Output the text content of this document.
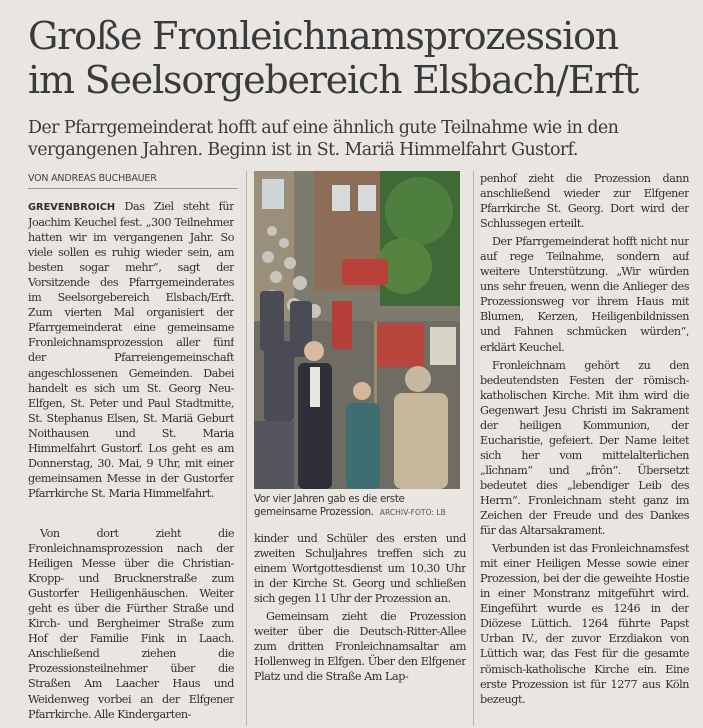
Große Fronleichnamsprozession
im Seelsorgebereich Elsbach/Erft

Der Pfarrgemeinderat hofft auf eine ähnlich gute Teilnahme wie in den vergangenen Jahren. Beginn ist in St. Mariä Himmelfahrt Gustorf.

VON ANDREAS BUCHBAUER

GREVENBROICH Das Ziel steht für Joachim Keuchel fest. „300 Teilnehmer hatten wir im vergangenen Jahr. So viele sollen es ruhig wieder sein, am besten sogar mehr“, sagt der Vorsitzende des Pfarrgemeinderates im Seelsorgebereich Elsbach/Erft. Zum vierten Mal organisiert der Pfarrgemeinderat eine gemeinsame Fronleichnamsprozession aller fünf der Pfarreiengemeinschaft angeschlossenen Gemeinden. Dabei handelt es sich um St. Georg Neu-Elfgen, St. Peter und Paul Stadtmitte, St. Stephanus Elsen, St. Mariä Geburt Noithausen und St. Maria Himmelfahrt Gustorf. Los geht es am Donnerstag, 30. Mai, 9 Uhr, mit einer gemeinsamen Messe in der Gustorfer Pfarrkirche St. Maria Himmelfahrt.

Von dort zieht die Fronleichnamsprozession nach der Heiligen Messe über die Christian-Kropp- und Brucknerstraße zum Gustorfer Heiligenhäuschen. Weiter geht es über die Fürther Straße und Kirch- und Bergheimer Straße zum Hof der Familie Fink in Laach. Anschließend ziehen die Prozessionsteilnehmer über die Straßen Am Laacher Haus und Weidenweg vorbei an der Elfgener Pfarrkirche. Alle Kindergarten-

Vor vier Jahren gab es die erste gemeinsame Prozession. ARCHIV-FOTO: LB

kinder und Schüler des ersten und zweiten Schuljahres treffen sich zu einem Wortgottesdienst um 10.30 Uhr in der Kirche St. Georg und schließen sich gegen 11 Uhr der Prozession an.

Gemeinsam zieht die Prozession weiter über die Deutsch-Ritter-Allee zum dritten Fronleichnamsaltar am Hollenweg in Elfgen. Über den Elfgener Platz und die Straße Am Lap-

penhof zieht die Prozession dann anschließend wieder zur Elfgener Pfarrkirche St. Georg. Dort wird der Schlussegen erteilt.

Der Pfarrgemeinderat hofft nicht nur auf rege Teilnahme, sondern auf weitere Unterstützung. „Wir würden uns sehr freuen, wenn die Anlieger des Prozessionsweg vor ihrem Haus mit Blumen, Kerzen, Heiligenbildnissen und Fahnen schmücken würden“, erklärt Keuchel.

Fronleichnam gehört zu den bedeutendsten Festen der römisch-katholischen Kirche. Mit ihm wird die Gegenwart Jesu Christi im Sakrament der heiligen Kommunion, der Eucharistie, gefeiert. Der Name leitet sich her vom mittelalterlichen „lîchnam“ und „frôn“. Übersetzt bedeutet dies „lebendiger Leib des Herrn“. Fronleichnam steht ganz im Zeichen der Freude und des Dankes für das Altarsakrament.

Verbunden ist das Fronleichnamsfest mit einer Heiligen Messe sowie einer Prozession, bei der die geweihte Hostie in einer Monstranz mitgeführt wird. Eingeführt wurde es 1246 in der Diözese Lüttich. 1264 führte Papst Urban IV., der zuvor Erzdiakon von Lüttich war, das Fest für die gesamte römisch-katholische Kirche ein. Eine erste Prozession ist für 1277 aus Köln bezeugt.
